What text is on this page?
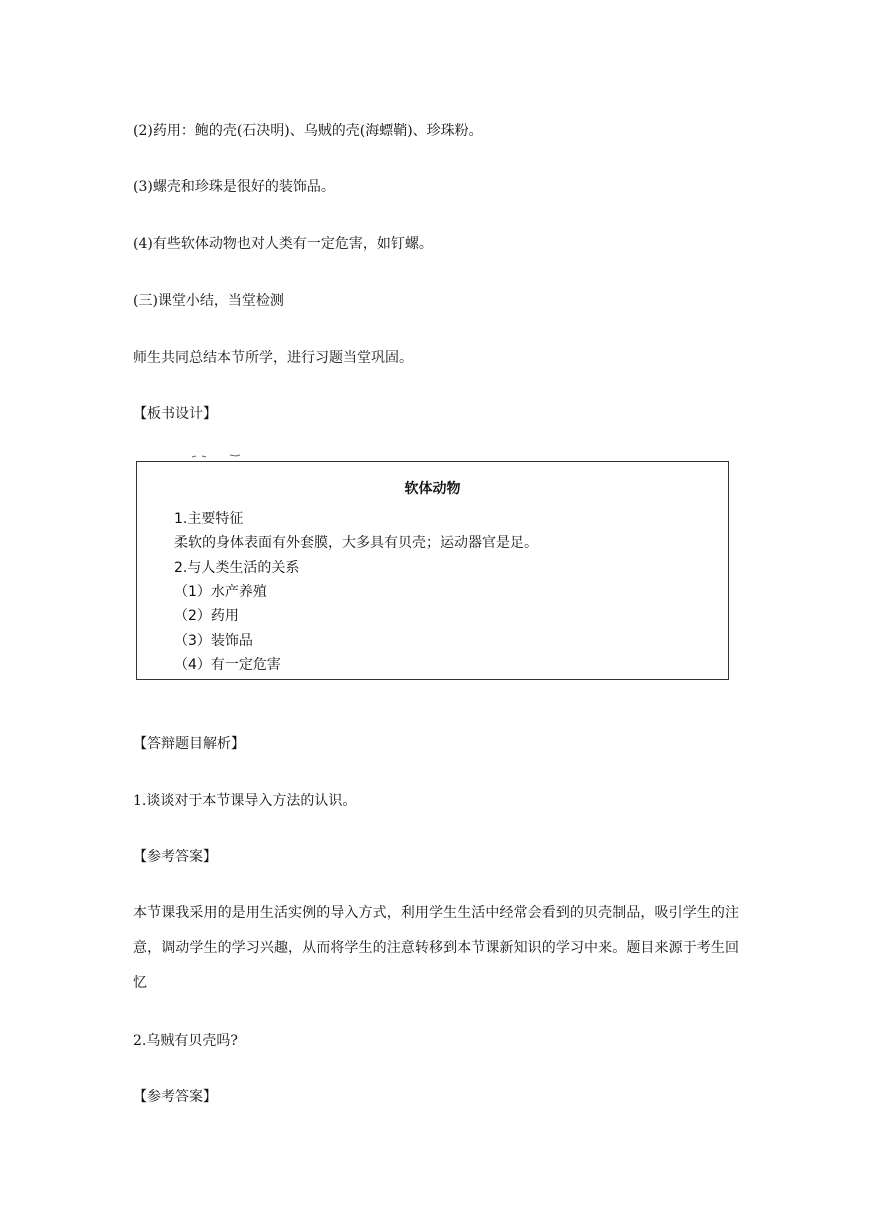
(2)药用：鲍的壳(石决明)、乌贼的壳(海螵鞘)、珍珠粉。
(3)螺壳和珍珠是很好的装饰品。
(4)有些软体动物也对人类有一定危害，如钉螺。
(三)课堂小结，当堂检测
师生共同总结本节所学，进行习题当堂巩固。
【板书设计】
软体动物
1.主要特征
柔软的身体表面有外套膜，大多具有贝壳；运动器官是足。
2.与人类生活的关系
（1）水产养殖
（2）药用
（3）装饰品
（4）有一定危害
【答辩题目解析】
1.谈谈对于本节课导入方法的认识。
【参考答案】
本节课我采用的是用生活实例的导入方式，利用学生生活中经常会看到的贝壳制品，吸引学生的注意，调动学生的学习兴趣，从而将学生的注意转移到本节课新知识的学习中来。题目来源于考生回忆
2.乌贼有贝壳吗?
【参考答案】
